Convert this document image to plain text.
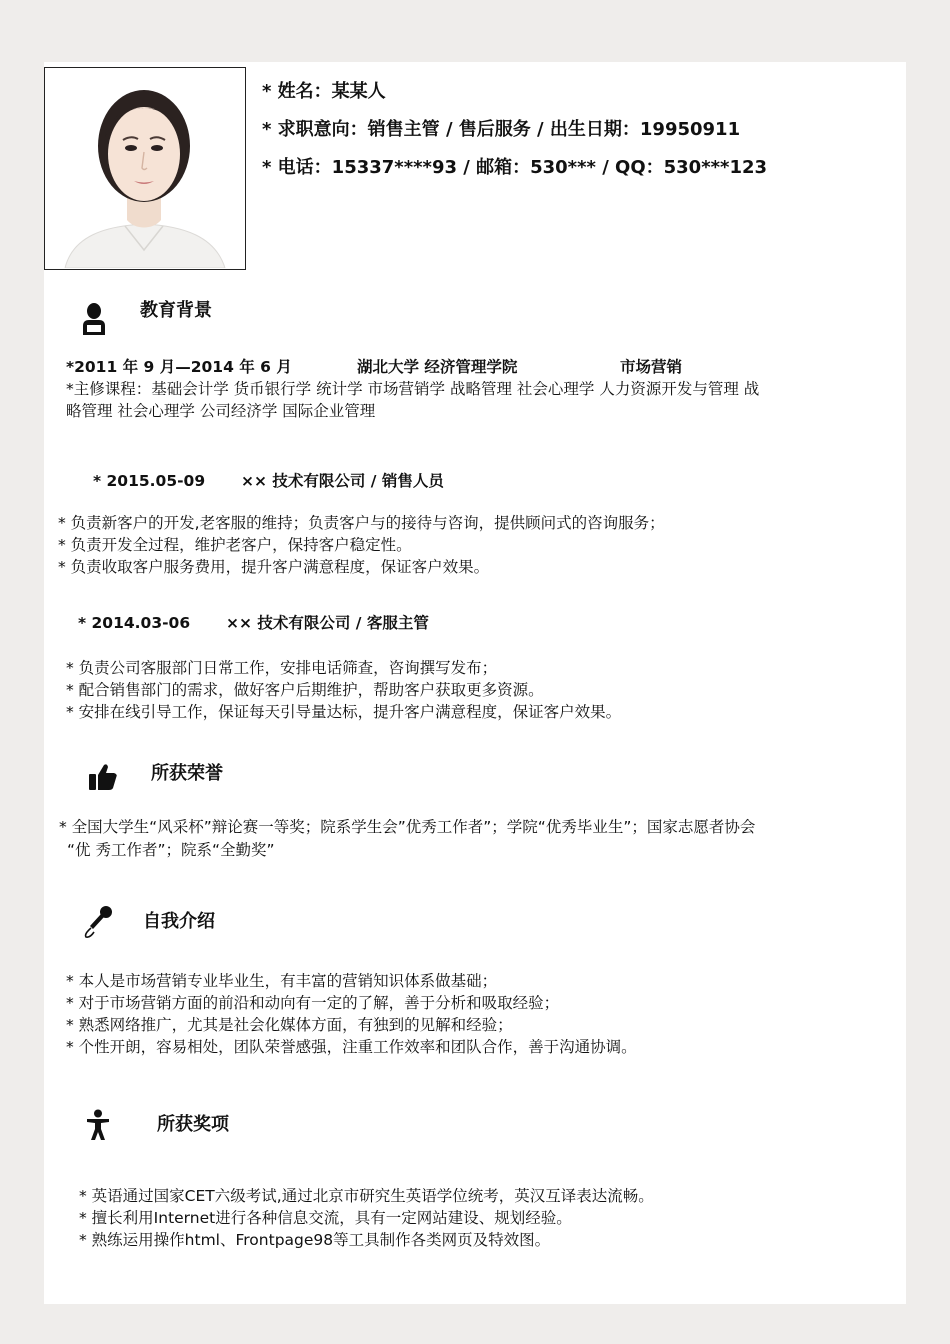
* 姓名：某某人
* 求职意向：销售主管 / 售后服务 / 出生日期：19950911
* 电话：15337****93 / 邮箱：530*** / QQ：530***123
教育背景
*2011 年 9 月—2014 年 6 月	湖北大学 经济管理学院	市场营销
*主修课程：基础会计学 货币银行学 统计学 市场营销学 战略管理 社会心理学 人力资源开发与管理 战
略管理 社会心理学 公司经济学 国际企业管理
* 2015.05-09 ×× 技术有限公司 / 销售人员
* 负责新客户的开发,老客服的维持；负责客户与的接待与咨询，提供顾问式的咨询服务；
* 负责开发全过程，维护老客户，保持客户稳定性。
* 负责收取客户服务费用，提升客户满意程度，保证客户效果。
* 2014.03-06 ×× 技术有限公司 / 客服主管
* 负责公司客服部门日常工作，安排电话筛查，咨询撰写发布；
* 配合销售部门的需求，做好客户后期维护，帮助客户获取更多资源。
* 安排在线引导工作，保证每天引导量达标，提升客户满意程度，保证客户效果。
所获荣誉
* 全国大学生“风采杯”辩论赛一等奖；院系学生会”优秀工作者”；学院“优秀毕业生”；国家志愿者协会
“优 秀工作者”；院系“全勤奖”
自我介绍
* 本人是市场营销专业毕业生，有丰富的营销知识体系做基础；
* 对于市场营销方面的前沿和动向有一定的了解，善于分析和吸取经验；
* 熟悉网络推广，尤其是社会化媒体方面，有独到的见解和经验；
* 个性开朗，容易相处，团队荣誉感强，注重工作效率和团队合作，善于沟通协调。
所获奖项
* 英语通过国家CET六级考试,通过北京市研究生英语学位统考，英汉互译表达流畅。
* 擅长利用Internet进行各种信息交流，具有一定网站建设、规划经验。
* 熟练运用操作html、Frontpage98等工具制作各类网页及特效图。
